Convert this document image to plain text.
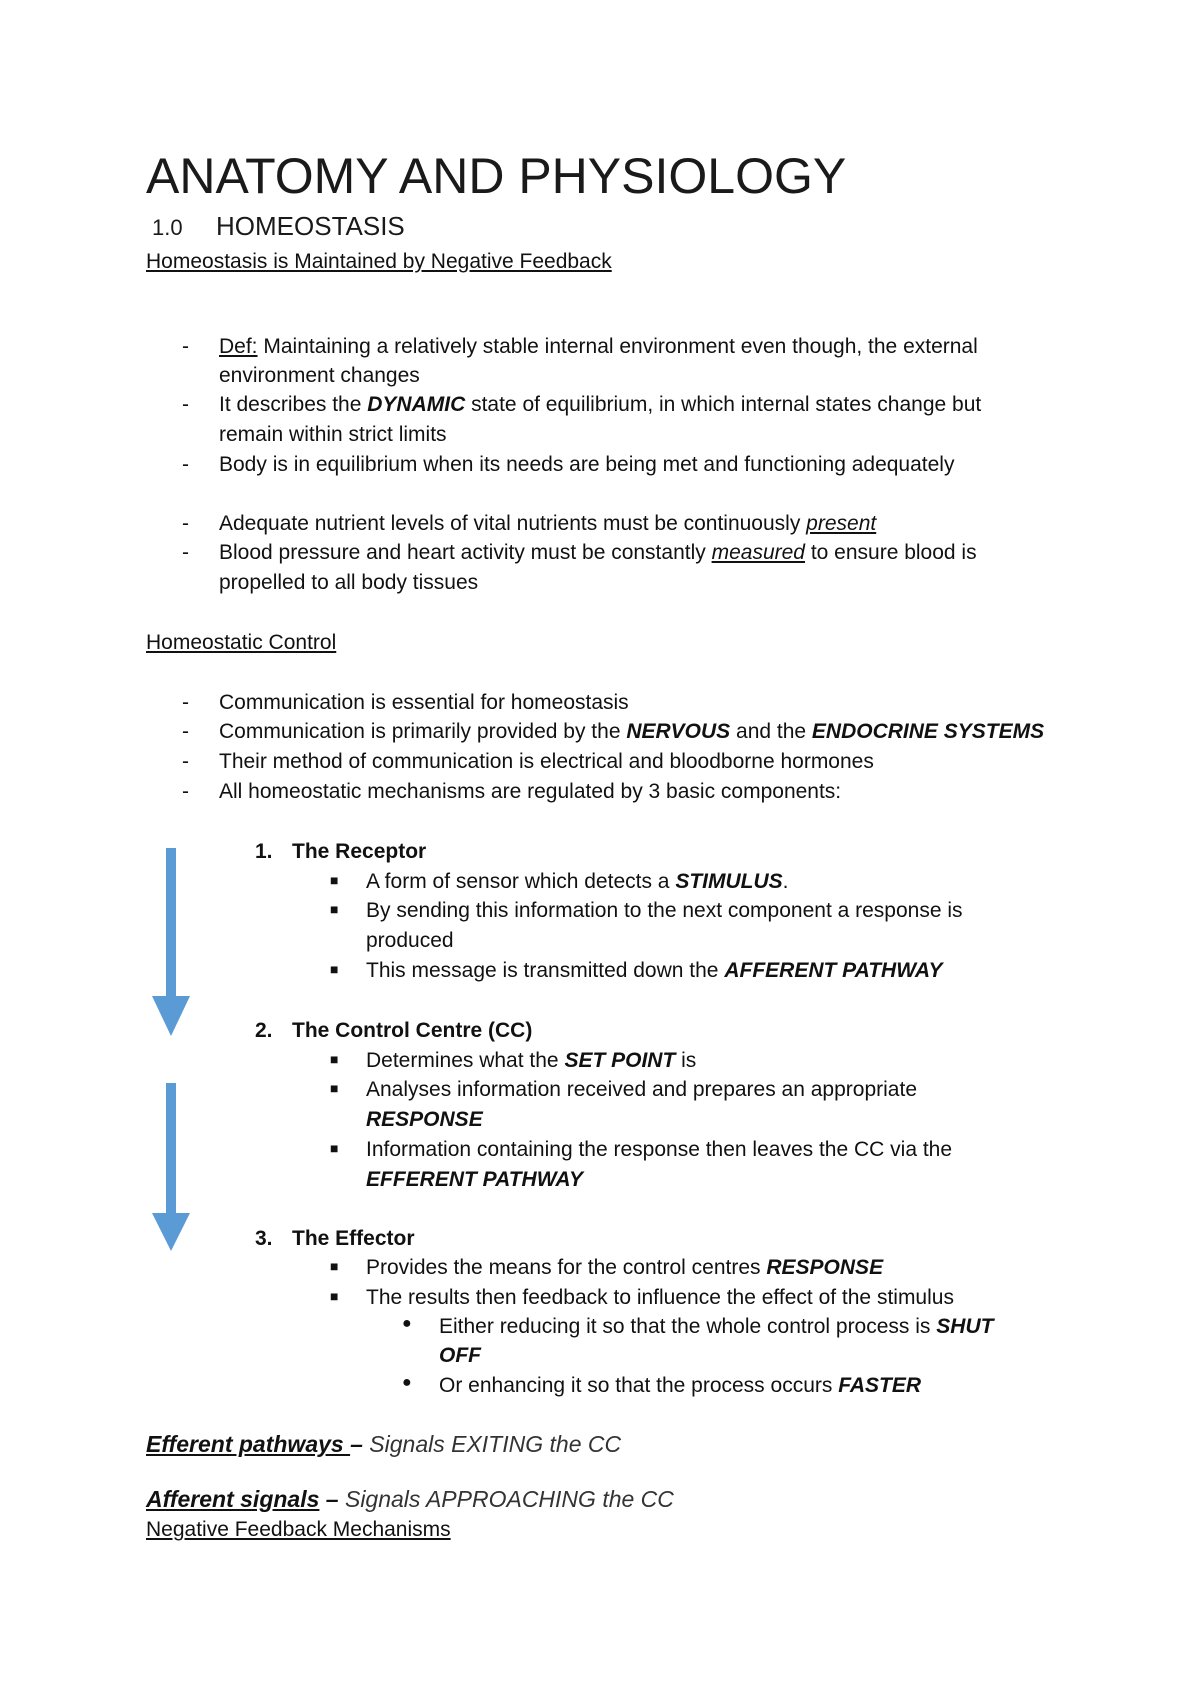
ANATOMY AND PHYSIOLOGY
1.0 HOMEOSTASIS
Homeostasis is Maintained by Negative Feedback
- Def: Maintaining a relatively stable internal environment even though, the external
environment changes
- It describes the DYNAMIC state of equilibrium, in which internal states change but
remain within strict limits
- Body is in equilibrium when its needs are being met and functioning adequately
- Adequate nutrient levels of vital nutrients must be continuously present
- Blood pressure and heart activity must be constantly measured to ensure blood is
propelled to all body tissues
Homeostatic Control
- Communication is essential for homeostasis
- Communication is primarily provided by the NERVOUS and the ENDOCRINE SYSTEMS
- Their method of communication is electrical and bloodborne hormones
- All homeostatic mechanisms are regulated by 3 basic components:
1. The Receptor
■ A form of sensor which detects a STIMULUS.
■ By sending this information to the next component a response is
produced
■ This message is transmitted down the AFFERENT PATHWAY
2. The Control Centre (CC)
■ Determines what the SET POINT is
■ Analyses information received and prepares an appropriate
RESPONSE
■ Information containing the response then leaves the CC via the
EFFERENT PATHWAY
3. The Effector
■ Provides the means for the control centres RESPONSE
■ The results then feedback to influence the effect of the stimulus
● Either reducing it so that the whole control process is SHUT
OFF
● Or enhancing it so that the process occurs FASTER
Efferent pathways – Signals EXITING the CC
Afferent signals – Signals APPROACHING the CC
Negative Feedback Mechanisms
